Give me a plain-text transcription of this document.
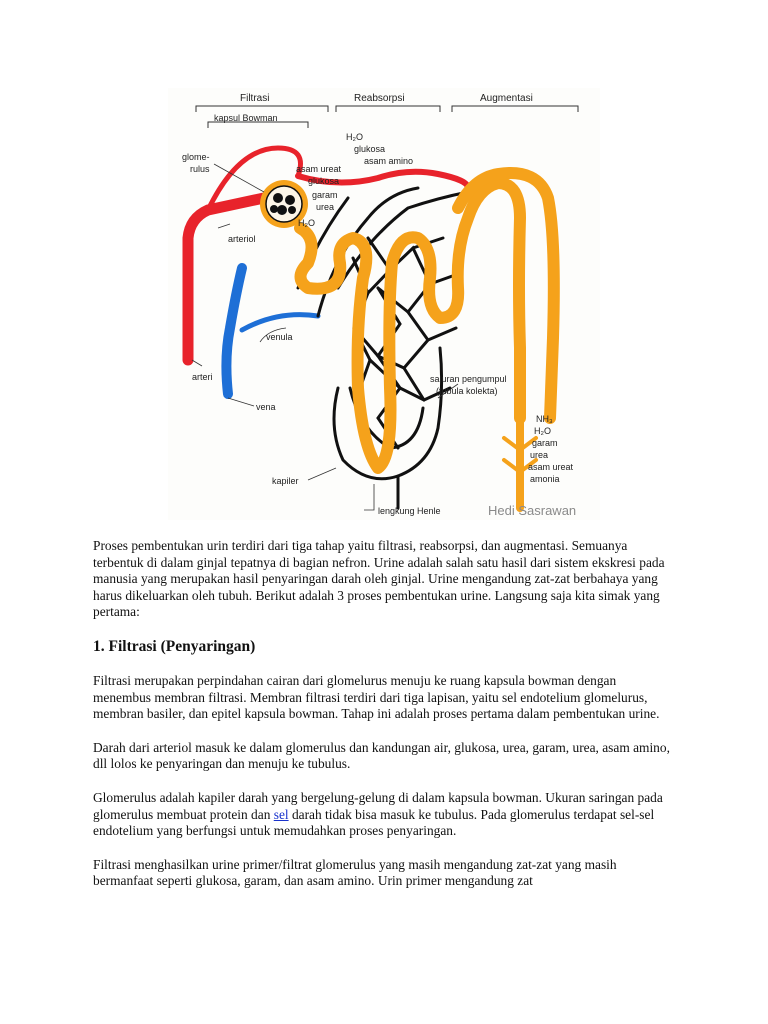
Filtrasi	Reabsorpsi	Augmentasi
kapsul Bowman
glome-
rulus
H₂O
glukosa
asam amino
asam ureat
glukosa
garam
urea
H₂O
arteriol
venula
arteri
vena
saluran pengumpul
(tubula kolekta)
NH₃
H₂O
garam
urea
asam ureat
amonia
kapiler
lengkung Henle	Hedi Sasrawan

Proses pembentukan urin terdiri dari tiga tahap yaitu filtrasi, reabsorpsi, dan augmentasi. Semuanya terbentuk di dalam ginjal tepatnya di bagian nefron. Urine adalah salah satu hasil dari sistem ekskresi pada manusia yang merupakan hasil penyaringan darah oleh ginjal. Urine mengandung zat-zat berbahaya yang harus dikeluarkan oleh tubuh. Berikut adalah 3 proses pembentukan urine. Langsung saja kita simak yang pertama:

1. Filtrasi (Penyaringan)

Filtrasi merupakan perpindahan cairan dari glomelurus menuju ke ruang kapsula bowman dengan menembus membran filtrasi. Membran filtrasi terdiri dari tiga lapisan, yaitu sel endotelium glomelurus, membran basiler, dan epitel kapsula bowman. Tahap ini adalah proses pertama dalam pembentukan urine.

Darah dari arteriol masuk ke dalam glomerulus dan kandungan air, glukosa, urea, garam, urea, asam amino, dll lolos ke penyaringan dan menuju ke tubulus.

Glomerulus adalah kapiler darah yang bergelung-gelung di dalam kapsula bowman. Ukuran saringan pada glomerulus membuat protein dan sel darah tidak bisa masuk ke tubulus. Pada glomerulus terdapat sel-sel endotelium yang berfungsi untuk memudahkan proses penyaringan.

Filtrasi menghasilkan urine primer/filtrat glomerulus yang masih mengandung zat-zat yang masih bermanfaat seperti glukosa, garam, dan asam amino. Urin primer mengandung zat
